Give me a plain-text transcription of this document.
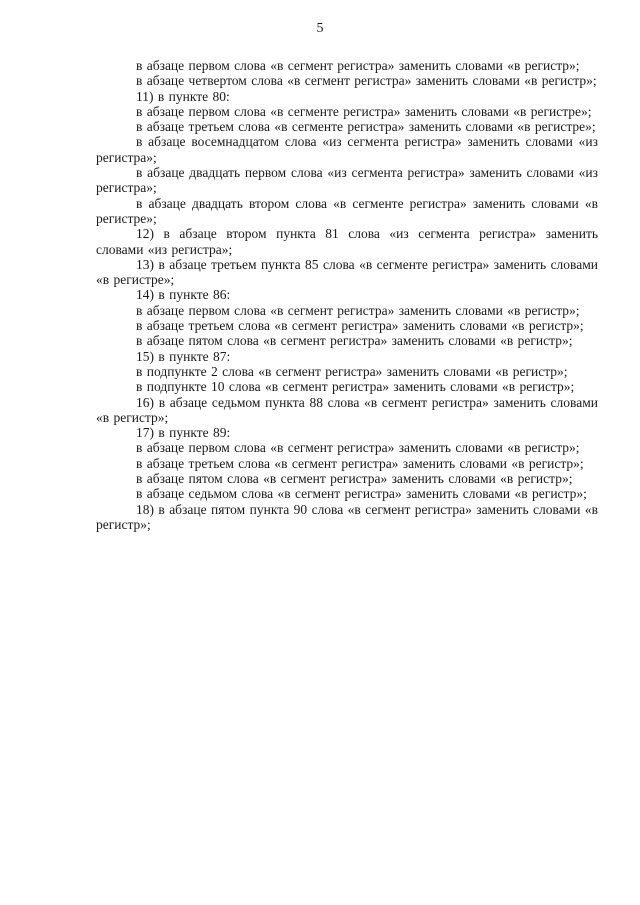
5

в абзаце первом слова «в сегмент регистра» заменить словами «в регистр»;

в абзаце четвертом слова «в сегмент регистра» заменить словами «в регистр»;

11) в пункте 80:

в абзаце первом слова «в сегменте регистра» заменить словами «в регистре»;

в абзаце третьем слова «в сегменте регистра» заменить словами «в регистре»;

в абзаце восемнадцатом слова «из сегмента регистра» заменить словами «из регистра»;

в абзаце двадцать первом слова «из сегмента регистра» заменить словами «из регистра»;

в абзаце двадцать втором слова «в сегменте регистра» заменить словами «в регистре»;

12) в абзаце втором пункта 81 слова «из сегмента регистра» заменить словами «из регистра»;

13) в абзаце третьем пункта 85 слова «в сегменте регистра» заменить словами «в регистре»;

14) в пункте 86:

в абзаце первом слова «в сегмент регистра» заменить словами «в регистр»;

в абзаце третьем слова «в сегмент регистра» заменить словами «в регистр»;

в абзаце пятом слова «в сегмент регистра» заменить словами «в регистр»;

15) в пункте 87:

в подпункте 2 слова «в сегмент регистра» заменить словами «в регистр»;

в подпункте 10 слова «в сегмент регистра» заменить словами «в регистр»;

16) в абзаце седьмом пункта 88 слова «в сегмент регистра» заменить словами «в регистр»;

17) в пункте 89:

в абзаце первом слова «в сегмент регистра» заменить словами «в регистр»;

в абзаце третьем слова «в сегмент регистра» заменить словами «в регистр»;

в абзаце пятом слова «в сегмент регистра» заменить словами «в регистр»;

в абзаце седьмом слова «в сегмент регистра» заменить словами «в регистр»;

18) в абзаце пятом пункта 90 слова «в сегмент регистра» заменить словами «в регистр»;
